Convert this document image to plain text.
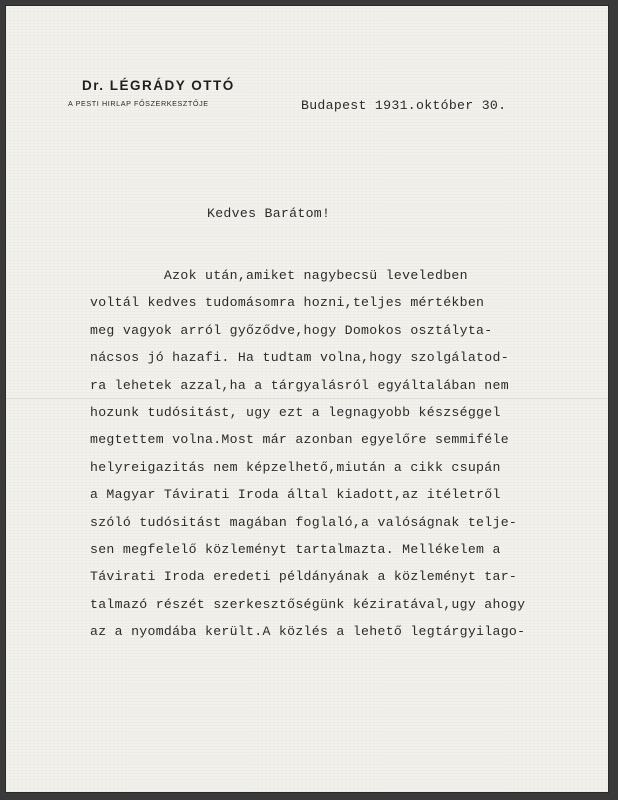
Dr. LÉGRÁDY OTTÓ
A PESTI HIRLAP FŐSZERKESZTŐJE	Budapest 1931.október 30.
Kedves Barátom!
Azok után,amiket nagybecsü leveledben
voltál kedves tudomásomra hozni,teljes mértékben
meg vagyok arról győződve,hogy Domokos osztályta-
nácsos jó hazafi. Ha tudtam volna,hogy szolgálatod-
ra lehetek azzal,ha a tárgyalásról egyáltalában nem
hozunk tudósitást, ugy ezt a legnagyobb készséggel
megtettem volna.Most már azonban egyelőre semmiféle
helyreigazitás nem képzelhető,miután a cikk csupán
a Magyar Távirati Iroda által kiadott,az itéletről
szóló tudósitást magában foglaló,a valóságnak telje-
sen megfelelő közleményt tartalmazta. Mellékelem a
Távirati Iroda eredeti példányának a közleményt tar-
talmazó részét szerkesztőségünk kéziratával,ugy ahogy
az a nyomdába került.A közlés a lehető legtárgyilago-
